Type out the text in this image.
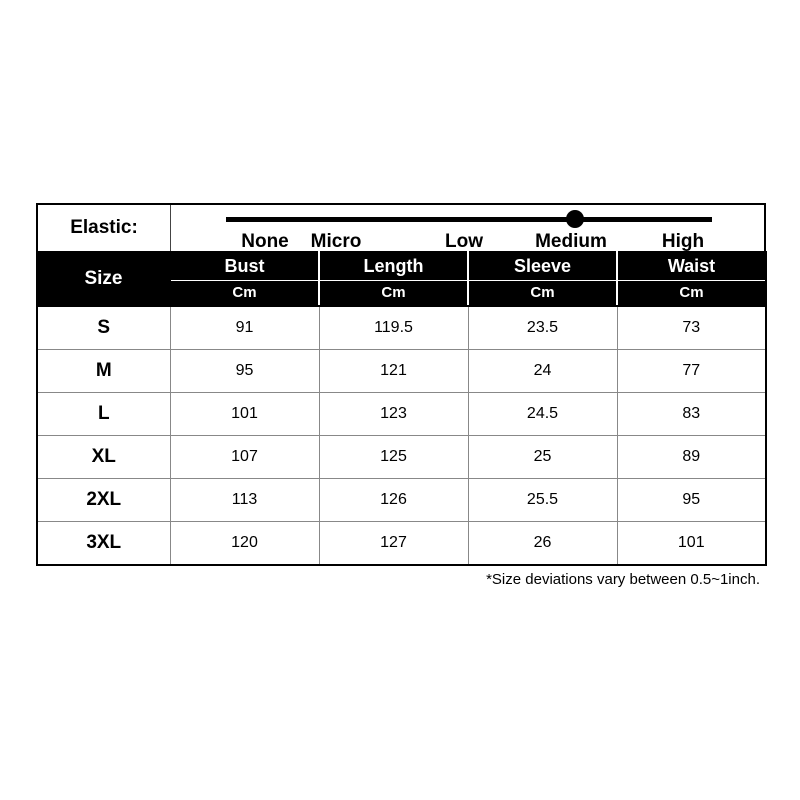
Elastic:
None Micro	Low	Medium	High
Size	Bust	Length	Sleeve	Waist
	Cm	Cm	Cm	Cm
S	91	119.5	23.5	73
M	95	121	24	77
L	101	123	24.5	83
XL	107	125	25	89
2XL	113	126	25.5	95
3XL	120	127	26	101
*Size deviations vary between 0.5~1inch.
